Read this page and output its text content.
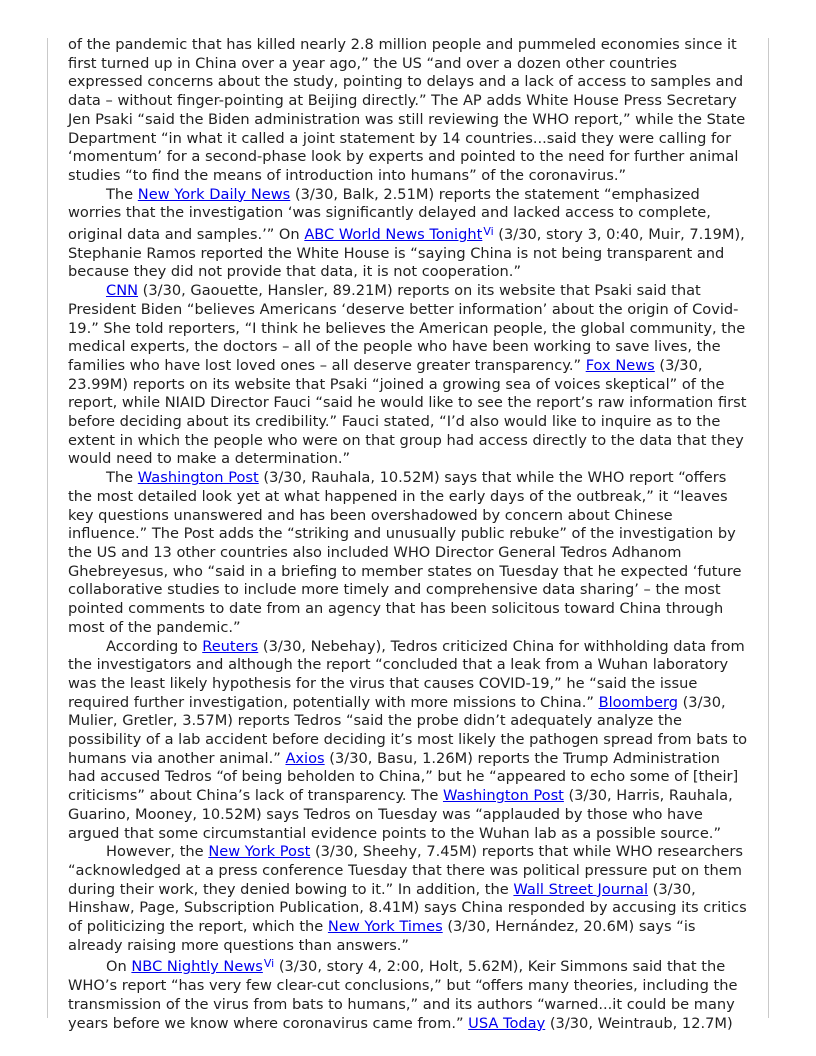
of the pandemic that has killed nearly 2.8 million people and pummeled economies since it first turned up in China over a year ago,” the US “and over a dozen other countries expressed concerns about the study, pointing to delays and a lack of access to samples and data – without finger-pointing at Beijing directly.” The AP adds White House Press Secretary Jen Psaki “said the Biden administration was still reviewing the WHO report,” while the State Department “in what it called a joint statement by 14 countries...said they were calling for ‘momentum’ for a second-phase look by experts and pointed to the need for further animal studies “to find the means of introduction into humans” of the coronavirus.”

The New York Daily News (3/30, Balk, 2.51M) reports the statement “emphasized worries that the investigation ‘was significantly delayed and lacked access to complete, original data and samples.’” On ABC World News Tonight$^{Vi}$ (3/30, story 3, 0:40, Muir, 7.19M), Stephanie Ramos reported the White House is “saying China is not being transparent and because they did not provide that data, it is not cooperation.”

CNN (3/30, Gaouette, Hansler, 89.21M) reports on its website that Psaki said that President Biden “believes Americans ‘deserve better information’ about the origin of Covid-19.” She told reporters, “I think he believes the American people, the global community, the medical experts, the doctors – all of the people who have been working to save lives, the families who have lost loved ones – all deserve greater transparency.” Fox News (3/30, 23.99M) reports on its website that Psaki “joined a growing sea of voices skeptical” of the report, while NIAID Director Fauci “said he would like to see the report’s raw information first before deciding about its credibility.” Fauci stated, “I’d also would like to inquire as to the extent in which the people who were on that group had access directly to the data that they would need to make a determination.”

The Washington Post (3/30, Rauhala, 10.52M) says that while the WHO report “offers the most detailed look yet at what happened in the early days of the outbreak,” it “leaves key questions unanswered and has been overshadowed by concern about Chinese influence.” The Post adds the “striking and unusually public rebuke” of the investigation by the US and 13 other countries also included WHO Director General Tedros Adhanom Ghebreyesus, who “said in a briefing to member states on Tuesday that he expected ‘future collaborative studies to include more timely and comprehensive data sharing’ – the most pointed comments to date from an agency that has been solicitous toward China through most of the pandemic.”

According to Reuters (3/30, Nebehay), Tedros criticized China for withholding data from the investigators and although the report “concluded that a leak from a Wuhan laboratory was the least likely hypothesis for the virus that causes COVID-19,” he “said the issue required further investigation, potentially with more missions to China.” Bloomberg (3/30, Mulier, Gretler, 3.57M) reports Tedros “said the probe didn’t adequately analyze the possibility of a lab accident before deciding it’s most likely the pathogen spread from bats to humans via another animal.” Axios (3/30, Basu, 1.26M) reports the Trump Administration had accused Tedros “of being beholden to China,” but he “appeared to echo some of [their] criticisms” about China’s lack of transparency. The Washington Post (3/30, Harris, Rauhala, Guarino, Mooney, 10.52M) says Tedros on Tuesday was “applauded by those who have argued that some circumstantial evidence points to the Wuhan lab as a possible source.”

However, the New York Post (3/30, Sheehy, 7.45M) reports that while WHO researchers “acknowledged at a press conference Tuesday that there was political pressure put on them during their work, they denied bowing to it.” In addition, the Wall Street Journal (3/30, Hinshaw, Page, Subscription Publication, 8.41M) says China responded by accusing its critics of politicizing the report, which the New York Times (3/30, Hernández, 20.6M) says “is already raising more questions than answers.”

On NBC Nightly News$^{Vi}$ (3/30, story 4, 2:00, Holt, 5.62M), Keir Simmons said that the WHO’s report “has very few clear-cut conclusions,” but “offers many theories, including the transmission of the virus from bats to humans,” and its authors “warned...it could be many years before we know where coronavirus came from.” USA Today (3/30, Weintraub, 12.7M)
